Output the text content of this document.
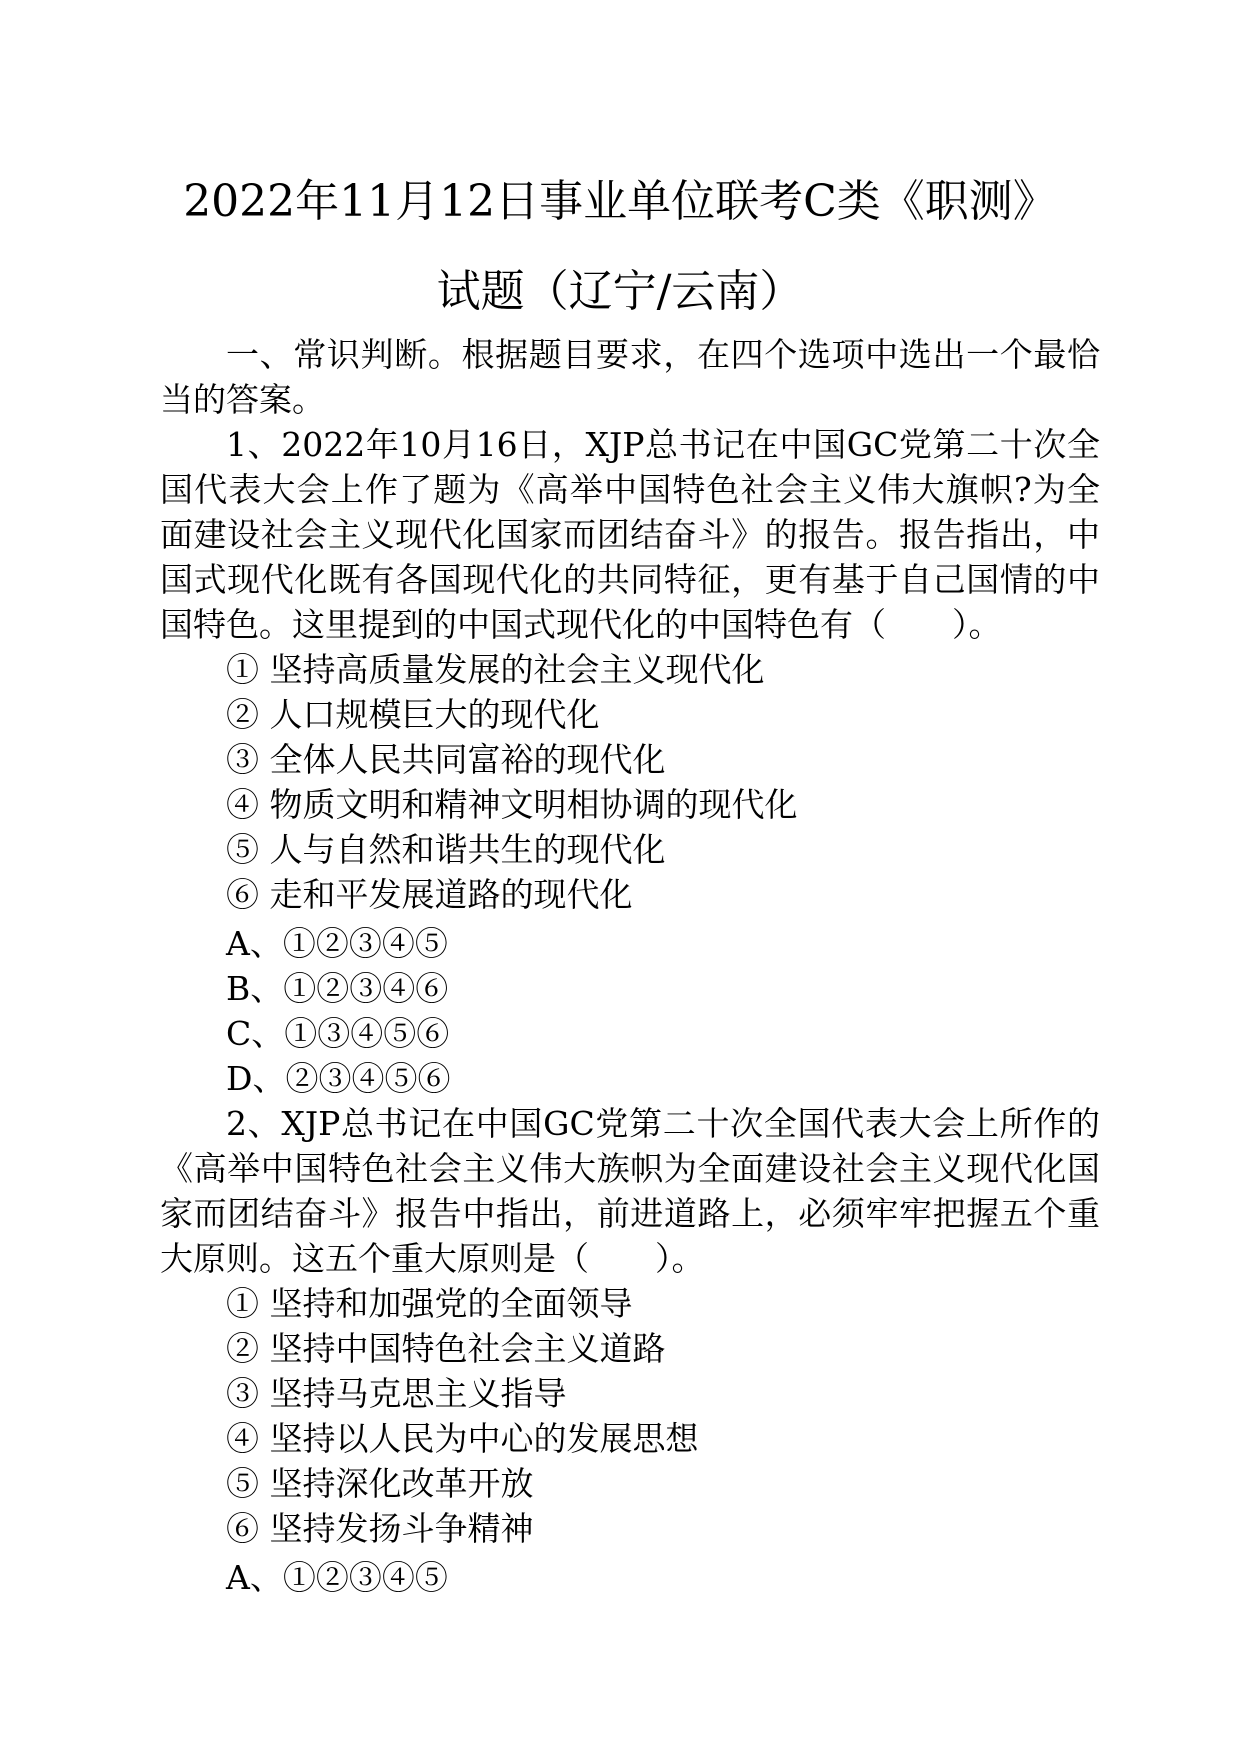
2022年11月12日事业单位联考C类《职测》
试题（辽宁/云南）

一、常识判断。根据题目要求，在四个选项中选出一个最恰当的答案。

1、2022年10月16日，XJP总书记在中国GC党第二十次全国代表大会上作了题为《高举中国特色社会主义伟大旗帜?为全面建设社会主义现代化国家而团结奋斗》的报告。报告指出，中国式现代化既有各国现代化的共同特征，更有基于自己国情的中国特色。这里提到的中国式现代化的中国特色有（　　）。

① 坚持高质量发展的社会主义现代化

② 人口规模巨大的现代化

③ 全体人民共同富裕的现代化

④ 物质文明和精神文明相协调的现代化

⑤ 人与自然和谐共生的现代化

⑥ 走和平发展道路的现代化

A、①②③④⑤

B、①②③④⑥

C、①③④⑤⑥

D、②③④⑤⑥

2、XJP总书记在中国GC党第二十次全国代表大会上所作的《高举中国特色社会主义伟大族帜为全面建设社会主义现代化国家而团结奋斗》报告中指出，前进道路上，必须牢牢把握五个重大原则。这五个重大原则是（　　）。

① 坚持和加强党的全面领导

② 坚持中国特色社会主义道路

③ 坚持马克思主义指导

④ 坚持以人民为中心的发展思想

⑤ 坚持深化改革开放

⑥ 坚持发扬斗争精神

A、①②③④⑤
